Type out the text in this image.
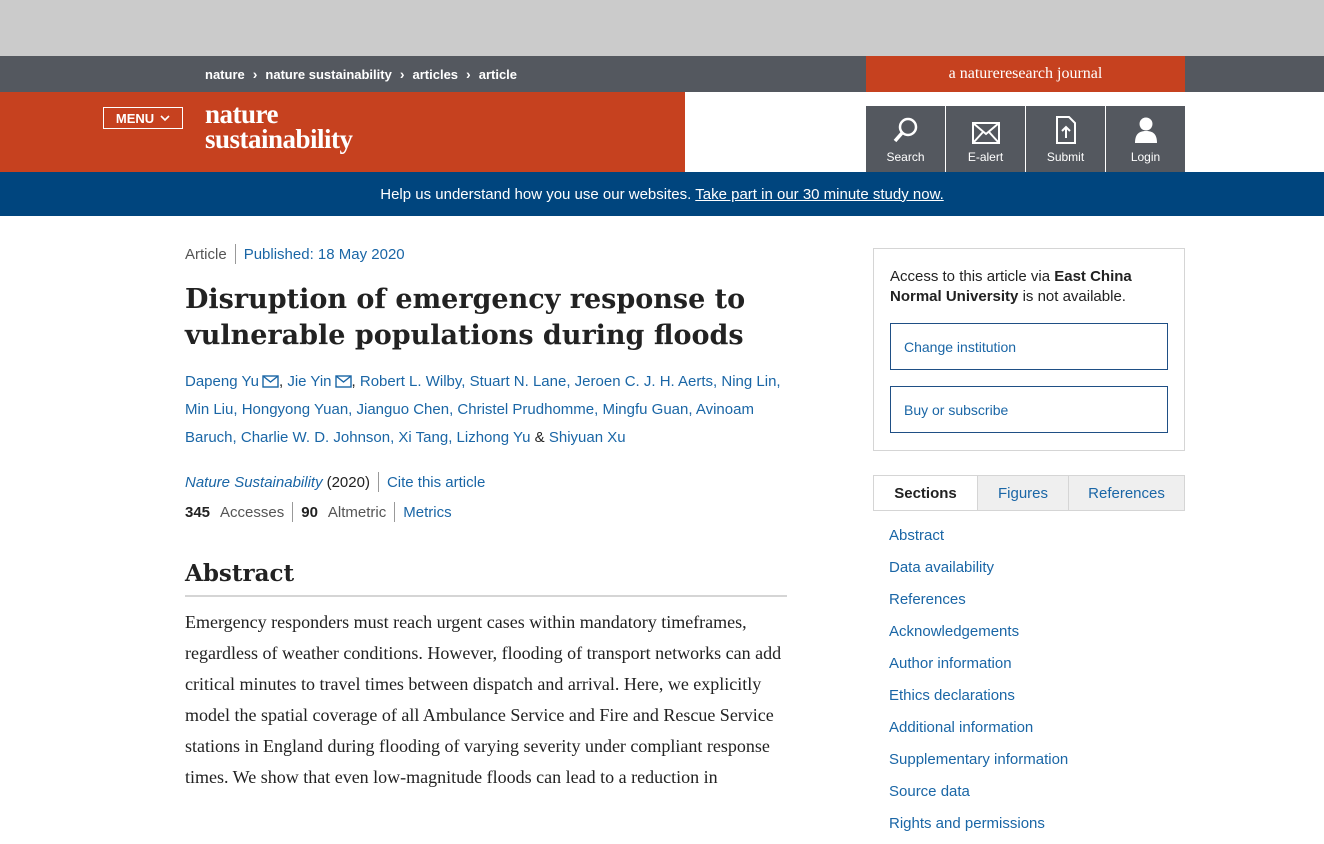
nature › nature sustainability › articles › article	a natureresearch journal
MENU nature
sustainability
Search	E-alert	Submit	Login
Help us understand how you use our websites. Take part in our 30 minute study now.
Article Published: 18 May 2020
Disruption of emergency response to vulnerable populations during floods
Dapeng Yu , Jie Yin , Robert L. Wilby, Stuart N. Lane, Jeroen C. J. H. Aerts, Ning Lin, Min Liu, Hongyong Yuan, Jianguo Chen, Christel Prudhomme, Mingfu Guan, Avinoam Baruch, Charlie W. D. Johnson, Xi Tang, Lizhong Yu & Shiyuan Xu
Nature Sustainability (2020) Cite this article
345 Accesses 90 Altmetric Metrics
Abstract
Emergency responders must reach urgent cases within mandatory timeframes, regardless of weather conditions. However, flooding of transport networks can add critical minutes to travel times between dispatch and arrival. Here, we explicitly model the spatial coverage of all Ambulance Service and Fire and Rescue Service stations in England during flooding of varying severity under compliant response times. We show that even low-magnitude floods can lead to a reduction in
Access to this article via East China Normal University is not available.
Change institution
Buy or subscribe
Sections	Figures	References
Abstract
Data availability
References
Acknowledgements
Author information
Ethics declarations
Additional information
Supplementary information
Source data
Rights and permissions
